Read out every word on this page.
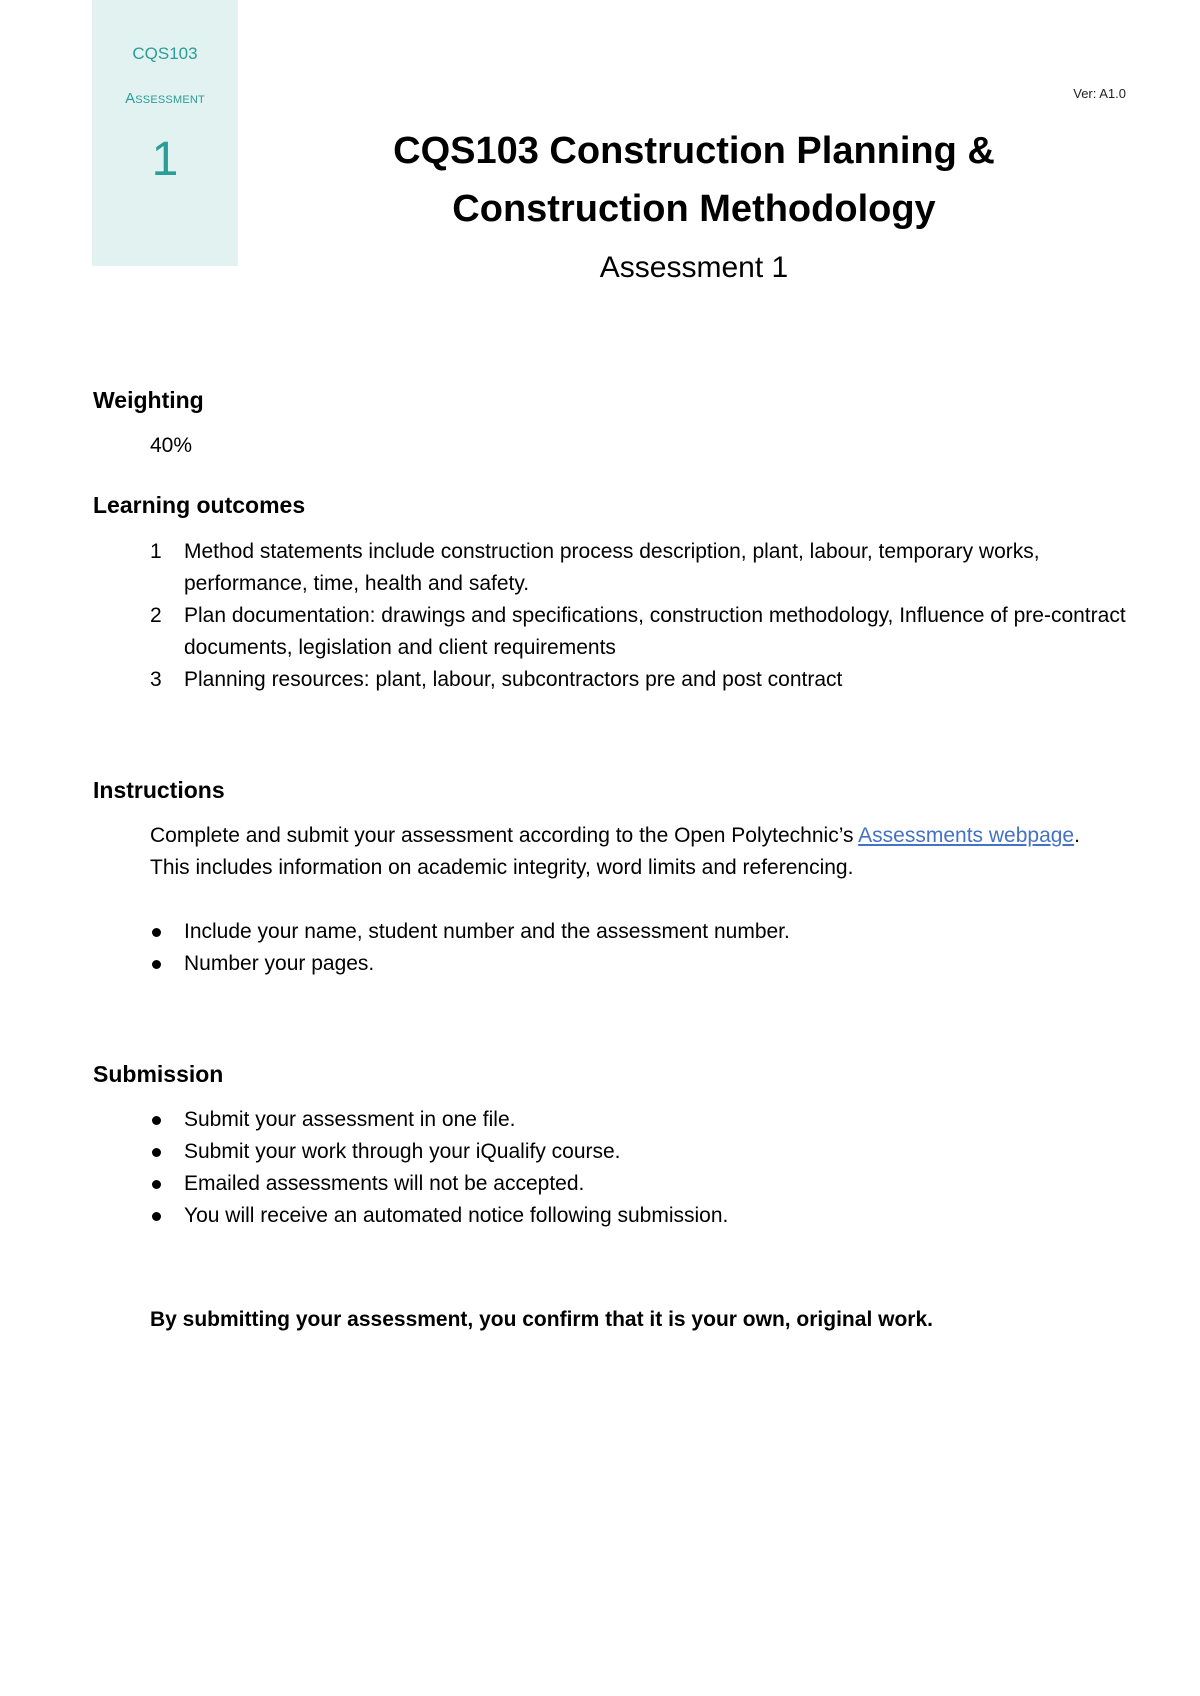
CQS103
Assessment
1
Ver: A1.0
CQS103 Construction Planning &
Construction Methodology
Assessment 1
Weighting
40%
Learning outcomes
1 Method statements include construction process description, plant, labour, temporary works, performance, time, health and safety.
2 Plan documentation: drawings and specifications, construction methodology, Influence of pre-contract documents, legislation and client requirements
3 Planning resources: plant, labour, subcontractors pre and post contract
Instructions
Complete and submit your assessment according to the Open Polytechnic’s Assessments webpage. This includes information on academic integrity, word limits and referencing.
Include your name, student number and the assessment number.
Number your pages.
Submission
Submit your assessment in one file.
Submit your work through your iQualify course.
Emailed assessments will not be accepted.
You will receive an automated notice following submission.
By submitting your assessment, you confirm that it is your own, original work.
